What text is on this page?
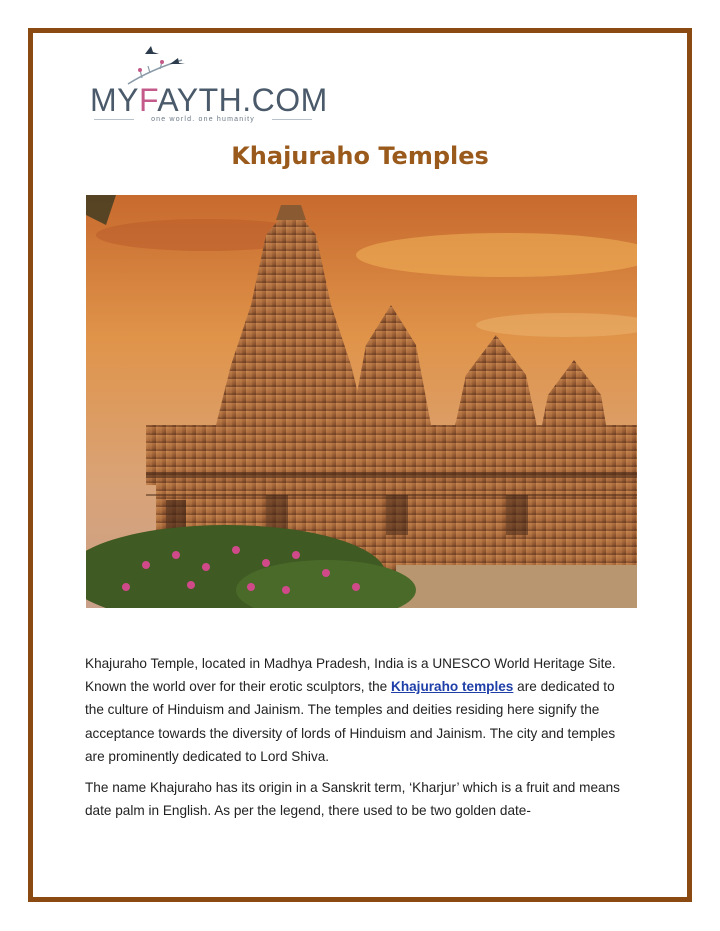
MYFAYTH.COM
one world. one humanity
Khajuraho Temples

Khajuraho Temple, located in Madhya Pradesh, India is a UNESCO World Heritage Site. Known the world over for their erotic sculptors, the Khajuraho temples are dedicated to the culture of Hinduism and Jainism. The temples and deities residing here signify the acceptance towards the diversity of lords of Hinduism and Jainism. The city and temples are prominently dedicated to Lord Shiva.

The name Khajuraho has its origin in a Sanskrit term, ‘Kharjur’ which is a fruit and means date palm in English. As per the legend, there used to be two golden date-
